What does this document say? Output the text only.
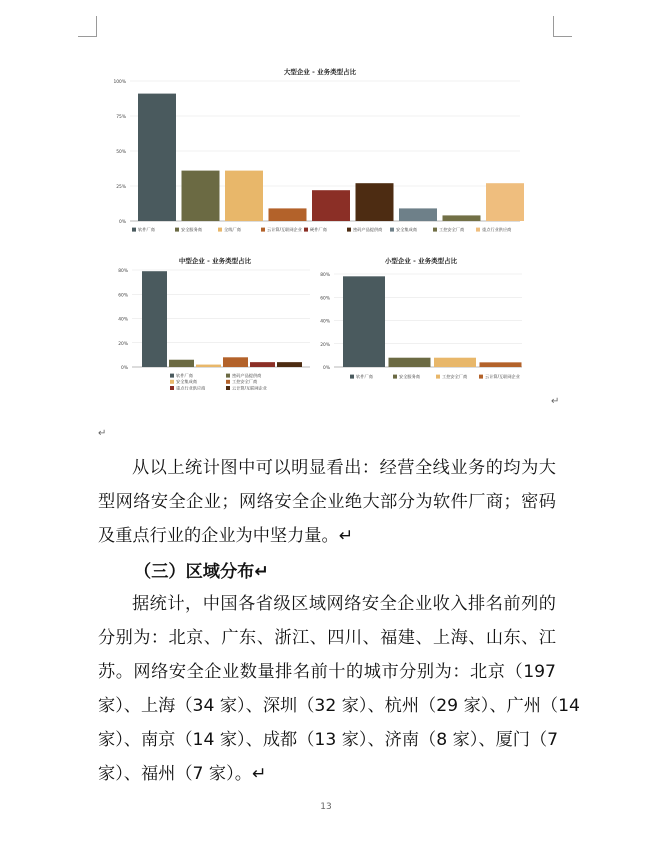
大型企业 - 业务类型占比
0%
25%
50%
75%
100%
软件厂商	安全服务商	全线厂商	云计算/互联网企业 硬件厂商	密码产品提供商	安全集成商	工控安全厂商	重点行业供应商
中型企业 - 业务类型占比
0%
20%
40%
60%
80%
软件厂商	密码产品提供商
安全集成商	工控安全厂商
重点行业供应商	云计算/互联网企业
小型企业 - 业务类型占比
0%
20%
40%
60%
80%
软件厂商	安全服务商	工控安全厂商	云计算/互联网企业
↵
↵
从以上统计图中可以明显看出：经营全线业务的均为大
型网络安全企业；网络安全企业绝大部分为软件厂商；密码
及重点行业的企业为中坚力量。↵
（三）区域分布↵
据统计，中国各省级区域网络安全企业收入排名前列的
分别为：北京、广东、浙江、四川、福建、上海、山东、江
苏。网络安全企业数量排名前十的城市分别为：北京（197
家）、上海（34 家）、深圳（32 家）、杭州（29 家）、广州（14
家）、南京（14 家）、成都（13 家）、济南（8 家）、厦门（7
家）、福州（7 家）。↵
13
